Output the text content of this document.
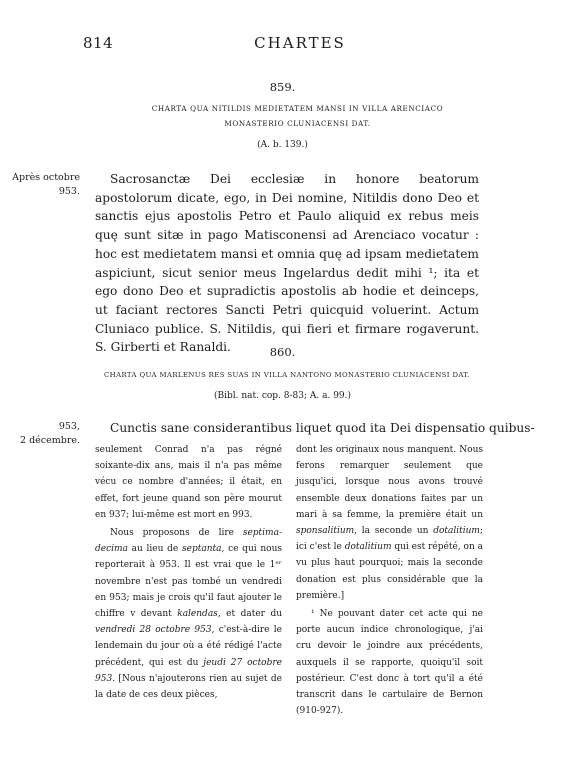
814	CHARTES
859.
CHARTA QUA NITILDIS MEDIETATEM MANSI IN VILLA ARENCIACO
MONASTERIO CLUNIACENSI DAT.
(A. b. 139.)
Après octobre
953.

Sacrosanctæ Dei ecclesiæ in honore beatorum apostolorum dicate, ego, in Dei nomine, Nitildis dono Deo et sanctis ejus apostolis Petro et Paulo aliquid ex rebus meis quę sunt sitæ in pago Matisconensi ad Arenciaco vocatur : hoc est medietatem mansi et omnia quę ad ipsam medietatem aspiciunt, sicut senior meus Ingelardus dedit mihi ¹; ita et ego dono Deo et supradictis apostolis ab hodie et deinceps, ut faciant rectores Sancti Petri quicquid voluerint. Actum Cluniaco publice. S. Nitildis, qui fieri et firmare rogaverunt. S. Girberti et Ranaldi.	860.
CHARTA QUA MARLENUS RES SUAS IN VILLA NANTONO MONASTERIO CLUNIACENSI DAT.
(Bibl. nat. cop. 8-83; A. a. 99.)
953,
2 décembre.
Cunctis sane considerantibus liquet quod ita Dei dispensatio quibus-

seulement Conrad n'a pas régné soixante-dix ans, mais il n'a pas même vécu ce nombre d'années; il était, en effet, fort jeune quand son père mourut en 937; lui-même est mort en 993.

Nous proposons de lire septima-decima au lieu de septanta, ce qui nous reporterait à 953. Il est vrai que le 1ᵉʳ novembre n'est pas tombé un vendredi en 953; mais je crois qu'il faut ajouter le chiffre v devant kalendas, et dater du vendredi 28 octobre 953, c'est-à-dire le lendemain du jour où a été rédigé l'acte précédent, qui est du jeudi 27 octobre 953. [Nous n'ajouterons rien au sujet de la date de ces deux pièces,

dont les originaux nous manquent. Nous ferons remarquer seulement que jusqu'ici, lorsque nous avons trouvé ensemble deux donations faites par un mari à sa femme, la première était un sponsalitium, la seconde un dotalitium; ici c'est le dotalitium qui est répété, on a vu plus haut pourquoi; mais la seconde donation est plus considérable que la première.]

¹ Ne pouvant dater cet acte qui ne porte aucun indice chronologique, j'ai cru devoir le joindre aux précédents, auxquels il se rapporte, quoiqu'il soit postérieur. C'est donc à tort qu'il a été transcrit dans le cartulaire de Bernon (910-927).
